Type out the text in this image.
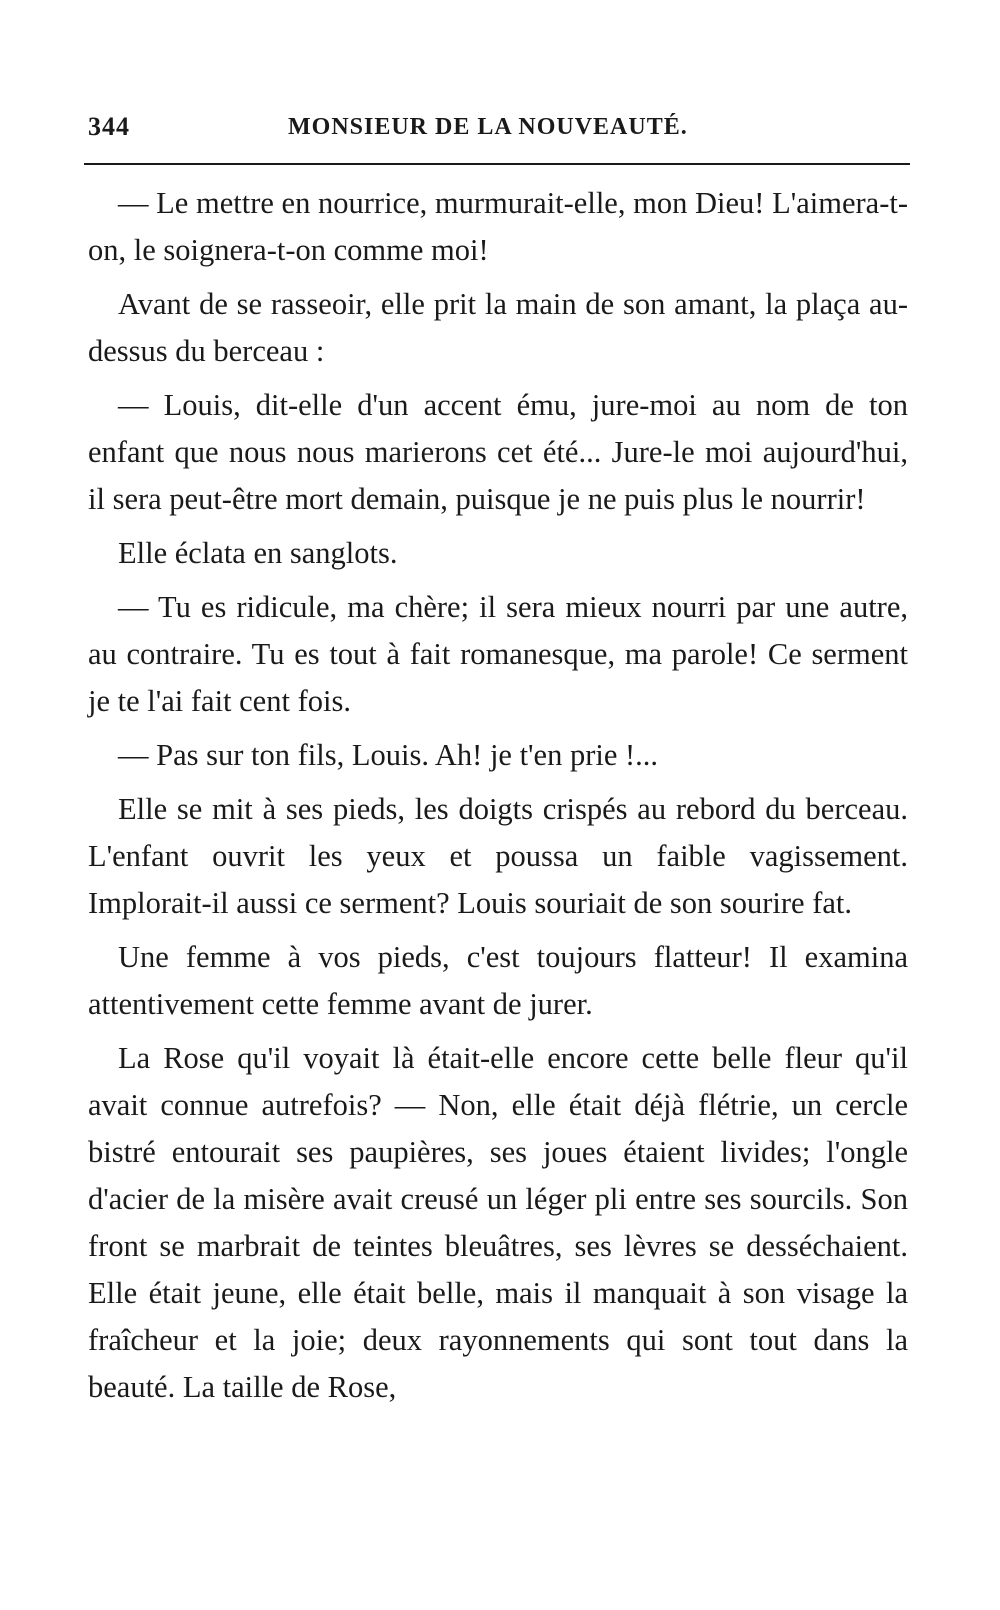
344	MONSIEUR DE LA NOUVEAUTÉ.

— Le mettre en nourrice, murmurait-elle, mon Dieu! L'aimera-t-on, le soignera-t-on comme moi!

Avant de se rasseoir, elle prit la main de son amant, la plaça au-dessus du berceau :

— Louis, dit-elle d'un accent ému, jure-moi au nom de ton enfant que nous nous marierons cet été... Jure-le moi aujourd'hui, il sera peut-être mort demain, puisque je ne puis plus le nourrir!

Elle éclata en sanglots.

— Tu es ridicule, ma chère; il sera mieux nourri par une autre, au contraire. Tu es tout à fait romanesque, ma parole! Ce serment je te l'ai fait cent fois.

— Pas sur ton fils, Louis. Ah! je t'en prie !...

Elle se mit à ses pieds, les doigts crispés au rebord du berceau. L'enfant ouvrit les yeux et poussa un faible vagissement. Implorait-il aussi ce serment? Louis souriait de son sourire fat.

Une femme à vos pieds, c'est toujours flatteur! Il examina attentivement cette femme avant de jurer.

La Rose qu'il voyait là était-elle encore cette belle fleur qu'il avait connue autrefois? — Non, elle était déjà flétrie, un cercle bistré entourait ses paupières, ses joues étaient livides; l'ongle d'acier de la misère avait creusé un léger pli entre ses sourcils. Son front se marbrait de teintes bleuâtres, ses lèvres se desséchaient. Elle était jeune, elle était belle, mais il manquait à son visage la fraîcheur et la joie; deux rayonnements qui sont tout dans la beauté. La taille de Rose,
